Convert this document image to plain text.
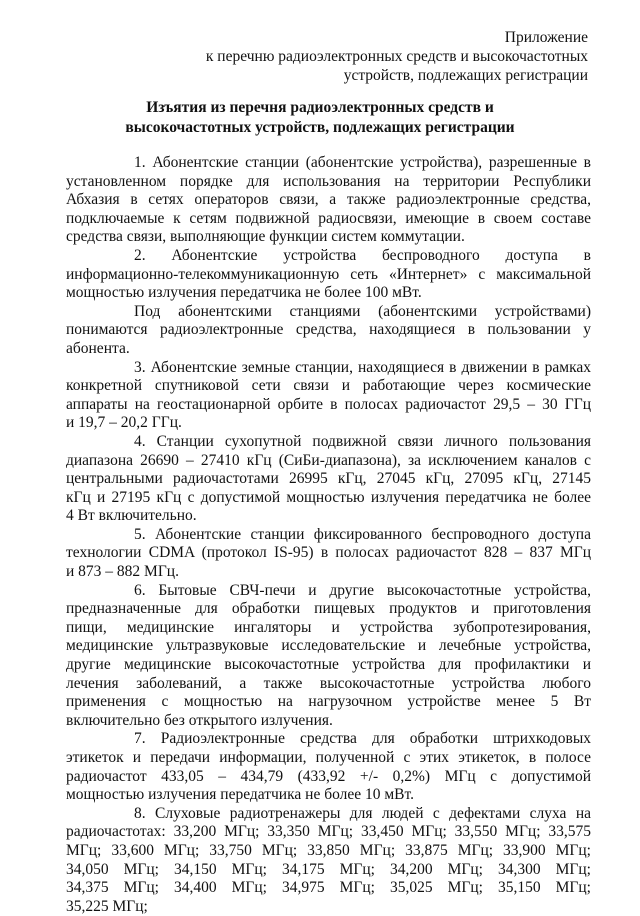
Приложение
к перечню радиоэлектронных средств и высокочастотных
устройств, подлежащих регистрации
Изъятия из перечня радиоэлектронных средств и
высокочастотных устройств, подлежащих регистрации
1. Абонентские станции (абонентские устройства), разрешенные в
установленном порядке для использования на территории Республики
Абхазия в сетях операторов связи, а также радиоэлектронные средства,
подключаемые к сетям подвижной радиосвязи, имеющие в своем составе
средства связи, выполняющие функции систем коммутации.
2. Абонентские устройства беспроводного доступа в
информационно-телекоммуникационную сеть «Интернет» с максимальной
мощностью излучения передатчика не более 100 мВт.
Под абонентскими станциями (абонентскими устройствами)
понимаются радиоэлектронные средства, находящиеся в пользовании у
абонента.
3. Абонентские земные станции, находящиеся в движении в рамках
конкретной спутниковой сети связи и работающие через космические
аппараты на геостационарной орбите в полосах радиочастот 29,5 – 30 ГГц
и 19,7 – 20,2 ГГц.
4. Станции сухопутной подвижной связи личного пользования
диапазона 26690 – 27410 кГц (СиБи-диапазона), за исключением каналов с
центральными радиочастотами 26995 кГц, 27045 кГц, 27095 кГц, 27145
кГц и 27195 кГц с допустимой мощностью излучения передатчика не более
4 Вт включительно.
5. Абонентские станции фиксированного беспроводного доступа
технологии CDMA (протокол IS-95) в полосах радиочастот 828 – 837 МГц
и 873 – 882 МГц.
6. Бытовые СВЧ-печи и другие высокочастотные устройства,
предназначенные для обработки пищевых продуктов и приготовления
пищи, медицинские ингаляторы и устройства зубопротезирования,
медицинские ультразвуковые исследовательские и лечебные устройства,
другие медицинские высокочастотные устройства для профилактики и
лечения заболеваний, а также высокочастотные устройства любого
применения с мощностью на нагрузочном устройстве менее 5 Вт
включительно без открытого излучения.
7. Радиоэлектронные средства для обработки штрихкодовых
этикеток и передачи информации, полученной с этих этикеток, в полосе
радиочастот 433,05 – 434,79 (433,92 +/- 0,2%) МГц с допустимой
мощностью излучения передатчика не более 10 мВт.
8. Слуховые радиотренажеры для людей с дефектами слуха на
радиочастотах: 33,200 МГц; 33,350 МГц; 33,450 МГц; 33,550 МГц; 33,575
МГц; 33,600 МГц; 33,750 МГц; 33,850 МГц; 33,875 МГц; 33,900 МГц;
34,050 МГц; 34,150 МГц; 34,175 МГц; 34,200 МГц; 34,300 МГц;
34,375 МГц; 34,400 МГц; 34,975 МГц; 35,025 МГц; 35,150 МГц;
35,225 МГц;
